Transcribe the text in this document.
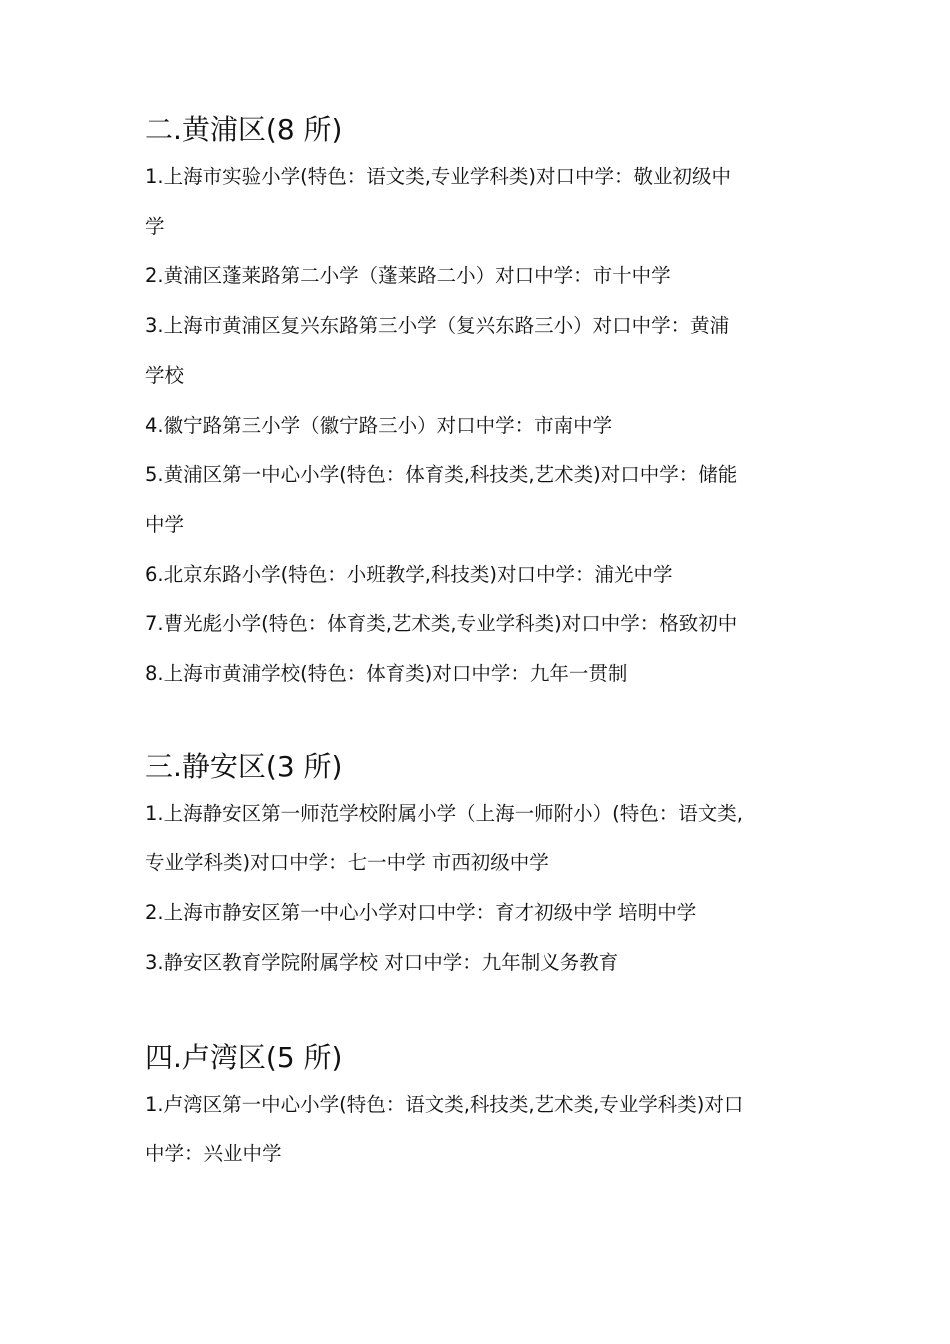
二.黄浦区(8 所)

1.上海市实验小学(特色：语文类,专业学科类)对口中学：敬业初级中

学

2.黄浦区蓬莱路第二小学（蓬莱路二小）对口中学：市十中学

3.上海市黄浦区复兴东路第三小学（复兴东路三小）对口中学：黄浦

学校

4.徽宁路第三小学（徽宁路三小）对口中学：市南中学

5.黄浦区第一中心小学(特色：体育类,科技类,艺术类)对口中学：储能

中学

6.北京东路小学(特色：小班教学,科技类)对口中学：浦光中学

7.曹光彪小学(特色：体育类,艺术类,专业学科类)对口中学：格致初中

8.上海市黄浦学校(特色：体育类)对口中学：九年一贯制

三.静安区(3 所)

1.上海静安区第一师范学校附属小学（上海一师附小）(特色：语文类,

专业学科类)对口中学：七一中学 市西初级中学

2.上海市静安区第一中心小学对口中学：育才初级中学 培明中学

3.静安区教育学院附属学校 对口中学：九年制义务教育

四.卢湾区(5 所)

1.卢湾区第一中心小学(特色：语文类,科技类,艺术类,专业学科类)对口

中学：兴业中学
